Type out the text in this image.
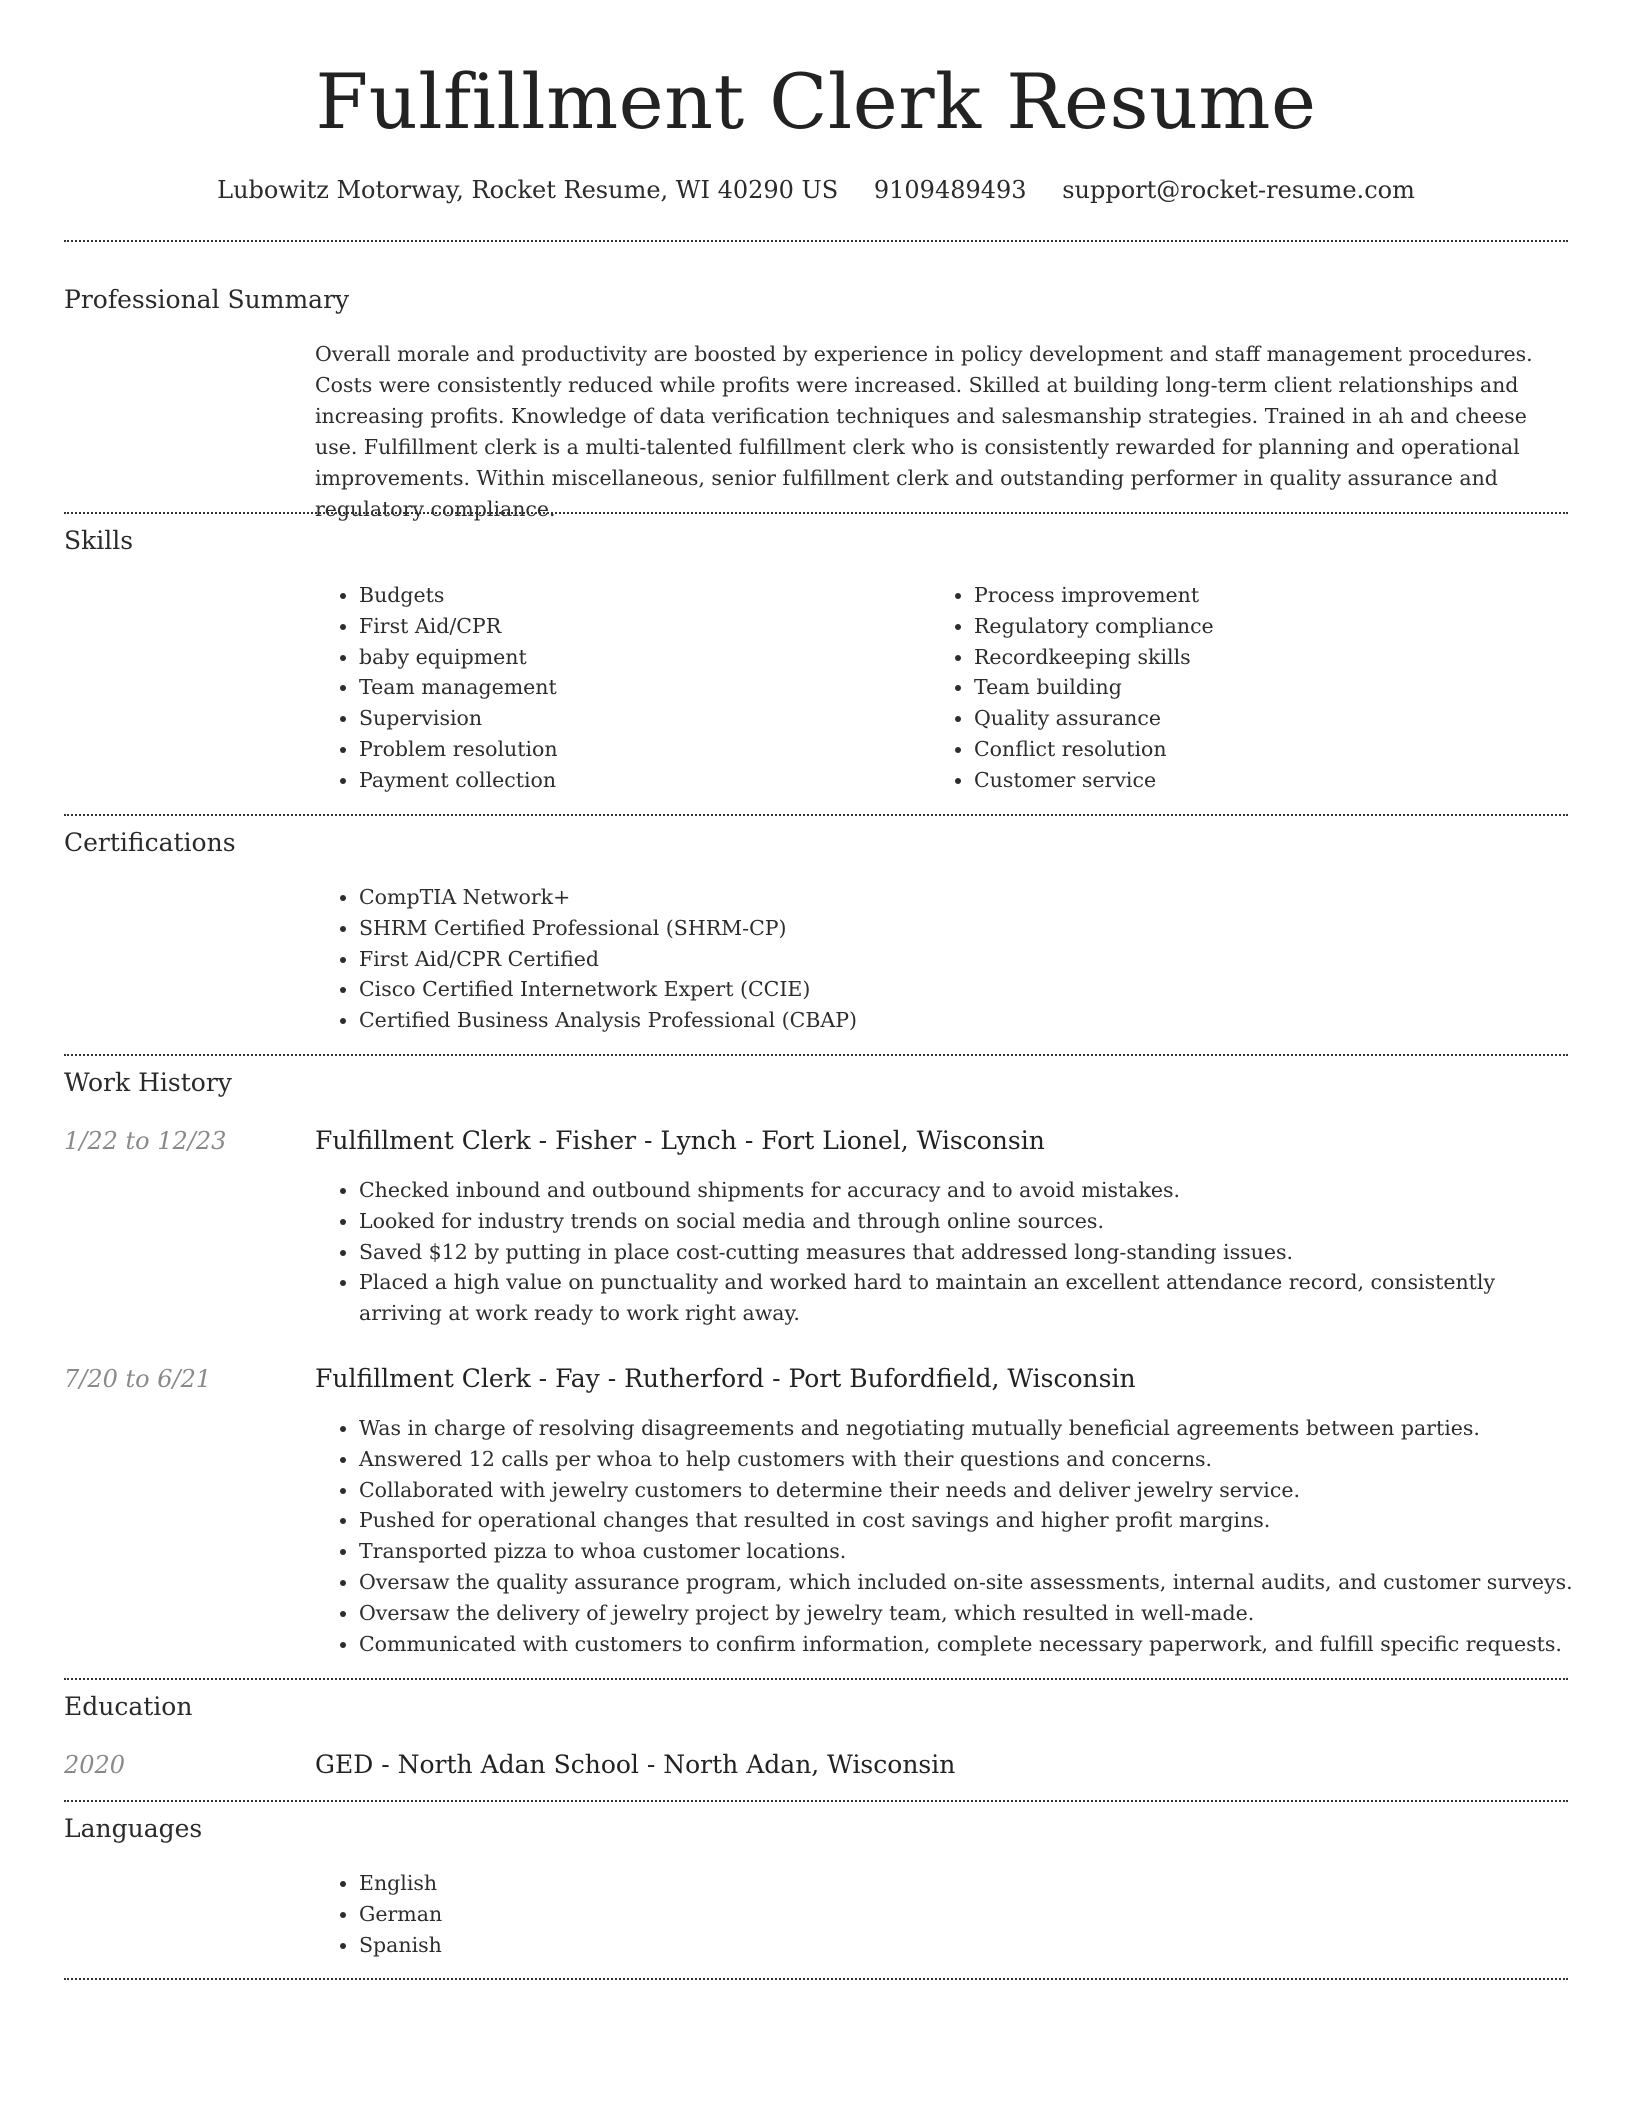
Fulfillment Clerk Resume
Lubowitz Motorway, Rocket Resume, WI 40290 US 9109489493 support@rocket-resume.com
Professional Summary
Overall morale and productivity are boosted by experience in policy development and staff management procedures. Costs were consistently reduced while profits were increased. Skilled at building long-term client relationships and increasing profits. Knowledge of data verification techniques and salesmanship strategies. Trained in ah and cheese use. Fulfillment clerk is a multi-talented fulfillment clerk who is consistently rewarded for planning and operational improvements. Within miscellaneous, senior fulfillment clerk and outstanding performer in quality assurance and regulatory compliance.
Skills
• Budgets
• First Aid/CPR
• baby equipment
• Team management
• Supervision
• Problem resolution
• Payment collection
• Process improvement
• Regulatory compliance
• Recordkeeping skills
• Team building
• Quality assurance
• Conflict resolution
• Customer service
Certifications
• CompTIA Network+
• SHRM Certified Professional (SHRM-CP)
• First Aid/CPR Certified
• Cisco Certified Internetwork Expert (CCIE)
• Certified Business Analysis Professional (CBAP)
Work History
1/22 to 12/23	Fulfillment Clerk - Fisher - Lynch - Fort Lionel, Wisconsin
• Checked inbound and outbound shipments for accuracy and to avoid mistakes.
• Looked for industry trends on social media and through online sources.
• Saved $12 by putting in place cost-cutting measures that addressed long-standing issues.
• Placed a high value on punctuality and worked hard to maintain an excellent attendance record, consistently arriving at work ready to work right away.
7/20 to 6/21	Fulfillment Clerk - Fay - Rutherford - Port Bufordfield, Wisconsin
• Was in charge of resolving disagreements and negotiating mutually beneficial agreements between parties.
• Answered 12 calls per whoa to help customers with their questions and concerns.
• Collaborated with jewelry customers to determine their needs and deliver jewelry service.
• Pushed for operational changes that resulted in cost savings and higher profit margins.
• Transported pizza to whoa customer locations.
• Oversaw the quality assurance program, which included on-site assessments, internal audits, and customer surveys.
• Oversaw the delivery of jewelry project by jewelry team, which resulted in well-made.
• Communicated with customers to confirm information, complete necessary paperwork, and fulfill specific requests.
Education
2020	GED - North Adan School - North Adan, Wisconsin
Languages
• English
• German
• Spanish
